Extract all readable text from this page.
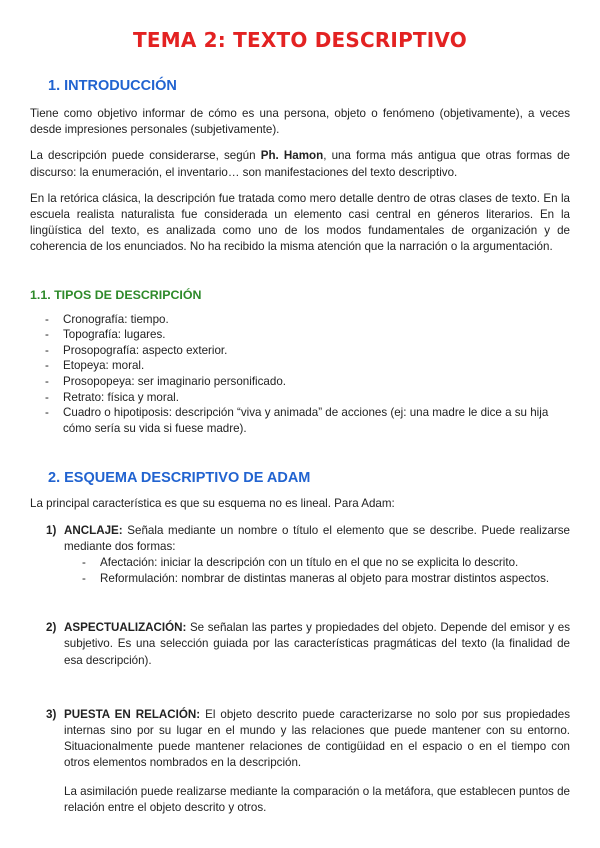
TEMA 2: TEXTO DESCRIPTIVO
1. INTRODUCCIÓN

Tiene como objetivo informar de cómo es una persona, objeto o fenómeno (objetivamente), a veces desde impresiones personales (subjetivamente).

La descripción puede considerarse, según Ph. Hamon, una forma más antigua que otras formas de discurso: la enumeración, el inventario… son manifestaciones del texto descriptivo.

En la retórica clásica, la descripción fue tratada como mero detalle dentro de otras clases de texto. En la escuela realista naturalista fue considerada un elemento casi central en géneros literarios. En la lingüística del texto, es analizada como uno de los modos fundamentales de organización y de coherencia de los enunciados. No ha recibido la misma atención que la narración o la argumentación.

1.1. TIPOS DE DESCRIPCIÓN
- Cronografía: tiempo.
- Topografía: lugares.
- Prosopografía: aspecto exterior.
- Etopeya: moral.
- Prosopopeya: ser imaginario personificado.
- Retrato: física y moral.
- Cuadro o hipotiposis: descripción “viva y animada” de acciones (ej: una madre le dice a su hija cómo sería su vida si fuese madre).
2. ESQUEMA DESCRIPTIVO DE ADAM

La principal característica es que su esquema no es lineal. Para Adam:

1) ANCLAJE: Señala mediante un nombre o título el elemento que se describe. Puede realizarse mediante dos formas:

- Afectación: iniciar la descripción con un título en el que no se explicita lo descrito.
- Reformulación: nombrar de distintas maneras al objeto para mostrar distintos aspectos.
2) ASPECTUALIZACIÓN: Se señalan las partes y propiedades del objeto. Depende del emisor y es subjetivo. Es una selección guiada por las características pragmáticas del texto (la finalidad de esa descripción).

3) PUESTA EN RELACIÓN: El objeto descrito puede caracterizarse no solo por sus propiedades internas sino por su lugar en el mundo y las relaciones que puede mantener con su entorno. Situacionalmente puede mantener relaciones de contigüidad en el espacio o en el tiempo con otros elementos nombrados en la descripción.

La asimilación puede realizarse mediante la comparación o la metáfora, que establecen puntos de relación entre el objeto descrito y otros.
